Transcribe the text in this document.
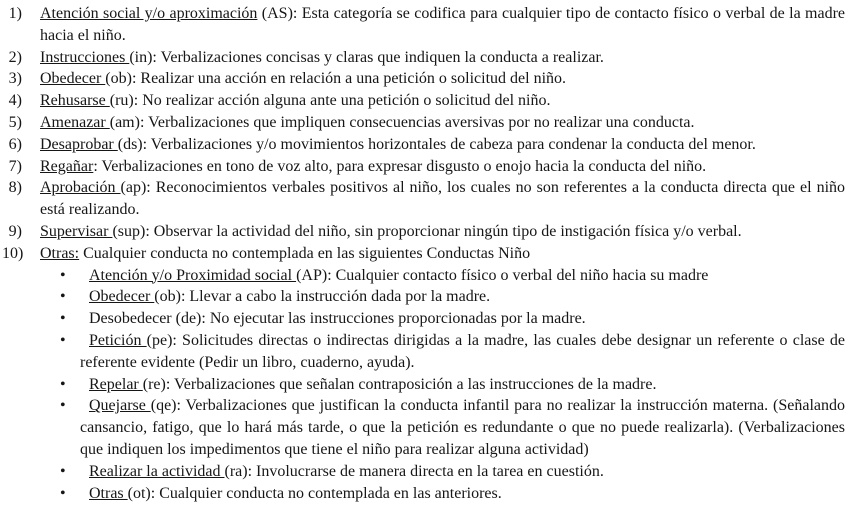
1) Atención social y/o aproximación (AS): Esta categoría se codifica para cualquier tipo de contacto físico o verbal de la madre hacia el niño.
2) Instrucciones (in): Verbalizaciones concisas y claras que indiquen la conducta a realizar.
3) Obedecer (ob): Realizar una acción en relación a una petición o solicitud del niño.
4) Rehusarse (ru): No realizar acción alguna ante una petición o solicitud del niño.
5) Amenazar (am): Verbalizaciones que impliquen consecuencias aversivas por no realizar una conducta.
6) Desaprobar (ds): Verbalizaciones y/o movimientos horizontales de cabeza para condenar la conducta del menor.
7) Regañar: Verbalizaciones en tono de voz alto, para expresar disgusto o enojo hacia la conducta del niño.
8) Aprobación (ap): Reconocimientos verbales positivos al niño, los cuales no son referentes a la conducta directa que el niño está realizando.
9) Supervisar (sup): Observar la actividad del niño, sin proporcionar ningún tipo de instigación física y/o verbal.
10) Otras: Cualquier conducta no contemplada en las siguientes Conductas Niño
• Atención y/o Proximidad social (AP): Cualquier contacto físico o verbal del niño hacia su madre
• Obedecer (ob): Llevar a cabo la instrucción dada por la madre.
• Desobedecer (de): No ejecutar las instrucciones proporcionadas por la madre.
• Petición (pe): Solicitudes directas o indirectas dirigidas a la madre, las cuales debe designar un referente o clase de referente evidente (Pedir un libro, cuaderno, ayuda).
• Repelar (re): Verbalizaciones que señalan contraposición a las instrucciones de la madre.
• Quejarse (qe): Verbalizaciones que justifican la conducta infantil para no realizar la instrucción materna. (Señalando cansancio, fatigo, que lo hará más tarde, o que la petición es redundante o que no puede realizarla). (Verbalizaciones que indiquen los impedimentos que tiene el niño para realizar alguna actividad)
• Realizar la actividad (ra): Involucrarse de manera directa en la tarea en cuestión.
• Otras (ot): Cualquier conducta no contemplada en las anteriores.
